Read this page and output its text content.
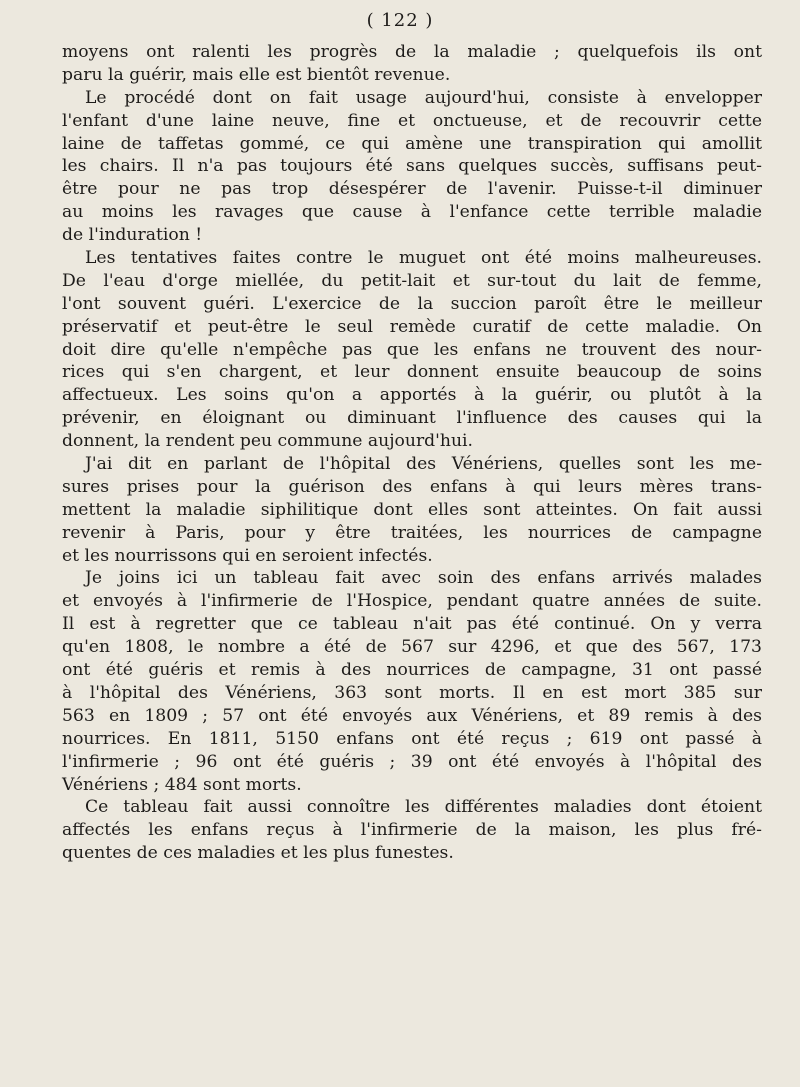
( 122 )
moyens ont ralenti les progrès de la maladie ; quelquefois ils ont
paru la guérir, mais elle est bientôt revenue.
Le procédé dont on fait usage aujourd'hui, consiste à envelopper
l'enfant d'une laine neuve, fine et onctueuse, et de recouvrir cette
laine de taffetas gommé, ce qui amène une transpiration qui amollit
les chairs. Il n'a pas toujours été sans quelques succès, suffisans peut-
être pour ne pas trop désespérer de l'avenir. Puisse-t-il diminuer
au moins les ravages que cause à l'enfance cette terrible maladie
de l'induration !
Les tentatives faites contre le muguet ont été moins malheureuses.
De l'eau d'orge miellée, du petit-lait et sur-tout du lait de femme,
l'ont souvent guéri. L'exercice de la succion paroît être le meilleur
préservatif et peut-être le seul remède curatif de cette maladie. On
doit dire qu'elle n'empêche pas que les enfans ne trouvent des nour-
rices qui s'en chargent, et leur donnent ensuite beaucoup de soins
affectueux. Les soins qu'on a apportés à la guérir, ou plutôt à la
prévenir, en éloignant ou diminuant l'influence des causes qui la
donnent, la rendent peu commune aujourd'hui.
J'ai dit en parlant de l'hôpital des Vénériens, quelles sont les me-
sures prises pour la guérison des enfans à qui leurs mères trans-
mettent la maladie siphilitique dont elles sont atteintes. On fait aussi
revenir à Paris, pour y être traitées, les nourrices de campagne
et les nourrissons qui en seroient infectés.
Je joins ici un tableau fait avec soin des enfans arrivés malades
et envoyés à l'infirmerie de l'Hospice, pendant quatre années de suite.
Il est à regretter que ce tableau n'ait pas été continué. On y verra
qu'en 1808, le nombre a été de 567 sur 4296, et que des 567, 173
ont été guéris et remis à des nourrices de campagne, 31 ont passé
à l'hôpital des Vénériens, 363 sont morts. Il en est mort 385 sur
563 en 1809 ; 57 ont été envoyés aux Vénériens, et 89 remis à des
nourrices. En 1811, 5150 enfans ont été reçus ; 619 ont passé à
l'infirmerie ; 96 ont été guéris ; 39 ont été envoyés à l'hôpital des
Vénériens ; 484 sont morts.
Ce tableau fait aussi connoître les différentes maladies dont étoient
affectés les enfans reçus à l'infirmerie de la maison, les plus fré-
quentes de ces maladies et les plus funestes.
